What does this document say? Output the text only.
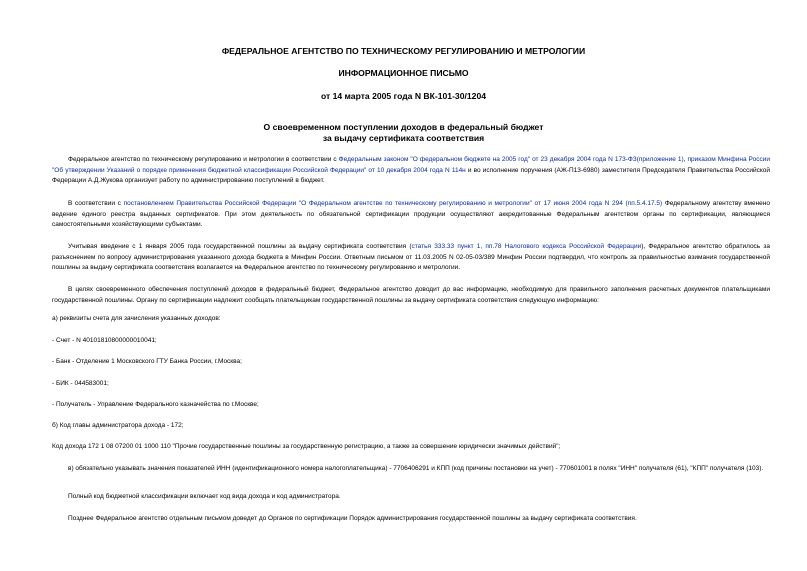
ФЕДЕРАЛЬНОЕ АГЕНТСТВО ПО ТЕХНИЧЕСКОМУ РЕГУЛИРОВАНИЮ И МЕТРОЛОГИИ
ИНФОРМАЦИОННОЕ ПИСЬМО
от 14 марта 2005 года N ВК-101-30/1204
О своевременном поступлении доходов в федеральный бюджет
за выдачу сертификата соответствия
Федеральное агентство по техническому регулированию и метрологии в соответствии с Федеральным законом "О федеральном бюджете на 2005 год" от 23 декабря 2004 года N 173-ФЗ(приложение 1), приказом Минфина России "Об утверждении Указаний о порядке применения бюджетной классификации Российской Федерации" от 10 декабря 2004 года N 114н и во исполнение поручения (АЖ-П13-6980) заместителя Председателя Правительства Российской Федерации А.Д.Жукова организует работу по администрированию поступлений в бюджет.
В соответствии с постановлением Правительства Российской Федерации "О Федеральном агентстве по техническому регулированию и метрологии" от 17 июня 2004 года N 294 (пп.5.4.17.5) Федеральному агентству вменено ведение единого реестра выданных сертификатов. При этом деятельность по обязательной сертификации продукции осуществляют аккредитованные Федеральным агентством органы по сертификации, являющиеся самостоятельными хозяйствующими субъектами.
Учитывая введение с 1 января 2005 года государственной пошлины за выдачу сертификата соответствия (статья 333.33 пункт 1, пп.78 Налогового кодекса Российской Федерации), Федеральное агентство обратилось за разъяснением по вопросу администрирования указанного дохода бюджета в Минфин России. Ответным письмом от 11.03.2005 N 02-05-03/389 Минфин России подтвердил, что контроль за правильностью взимания государственной пошлины за выдачу сертификата соответствия возлагается на Федеральное агентство по техническому регулированию и метрологии.
В целях своевременного обеспечения поступлений доходов в федеральный бюджет, Федеральное агентство доводит до вас информацию, необходимую для правильного заполнения расчетных документов плательщиками государственной пошлины. Органу по сертификации надлежит сообщать плательщикам государственной пошлины за выдачу сертификата соответствия следующую информацию:
а) реквизиты счета для зачисления указанных доходов:
- Счет - N 40101810800000010041;
- Банк - Отделение 1 Московского ГТУ Банка России, г.Москва;
- БИК - 044583001;
- Получатель - Управление Федерального казначейства по г.Москве;
б) Код главы администратора дохода - 172;
Код дохода 172 1 08 07200 01 1000 110 "Прочие государственные пошлины за государственную регистрацию, а также за совершение юридически значимых действий";
в) обязательно указывать значения показателей ИНН (идентификационного номера налогоплательщика) - 7706406291 и КПП (код причины постановки на учет) - 770601001 в полях "ИНН" получателя (61), "КПП" получателя (103).
Полный код бюджетной классификации включает код вида дохода и код администратора.
Позднее Федеральное агентство отдельным письмом доведет до Органов по сертификации Порядок администрирования государственной пошлины за выдачу сертификата соответствия.
